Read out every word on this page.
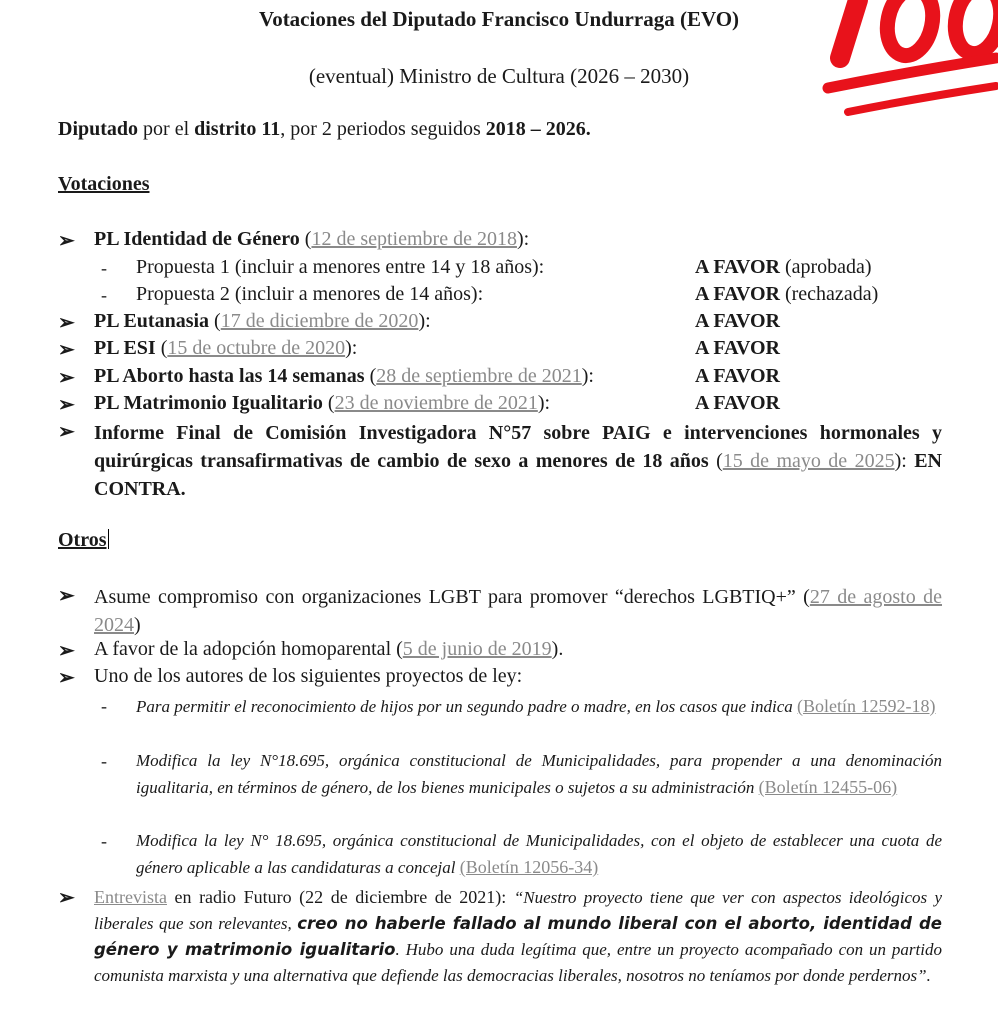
Votaciones del Diputado Francisco Undurraga (EVO)
(eventual) Ministro de Cultura (2026 – 2030)
Diputado por el distrito 11, por 2 periodos seguidos 2018 – 2026.
Votaciones
➢ PL Identidad de Género (12 de septiembre de 2018):
- Propuesta 1 (incluir a menores entre 14 y 18 años):	A FAVOR (aprobada)
- Propuesta 2 (incluir a menores de 14 años):	A FAVOR (rechazada)
➢ PL Eutanasia (17 de diciembre de 2020):	A FAVOR
➢ PL ESI (15 de octubre de 2020):	A FAVOR
➢ PL Aborto hasta las 14 semanas (28 de septiembre de 2021):	A FAVOR
➢ PL Matrimonio Igualitario (23 de noviembre de 2021):	A FAVOR
➢ Informe Final de Comisión Investigadora N°57 sobre PAIG e intervenciones hormonales y quirúrgicas transafirmativas de cambio de sexo a menores de 18 años (15 de mayo de 2025): EN CONTRA.
Otros
➢ Asume compromiso con organizaciones LGBT para promover “derechos LGBTIQ+” (27 de agosto de 2024)
➢ A favor de la adopción homoparental (5 de junio de 2019).
➢ Uno de los autores de los siguientes proyectos de ley:
- Para permitir el reconocimiento de hijos por un segundo padre o madre, en los casos que indica (Boletín 12592-18)
- Modifica la ley N°18.695, orgánica constitucional de Municipalidades, para propender a una denominación igualitaria, en términos de género, de los bienes municipales o sujetos a su administración (Boletín 12455-06)
- Modifica la ley N° 18.695, orgánica constitucional de Municipalidades, con el objeto de establecer una cuota de género aplicable a las candidaturas a concejal (Boletín 12056-34)
➢	Entrevista en radio Futuro (22 de diciembre de 2021): “Nuestro proyecto tiene que ver con aspectos ideológicos y liberales que son relevantes, creo no haberle fallado al mundo liberal con el aborto, identidad de género y matrimonio igualitario. Hubo una duda legítima que, entre un proyecto acompañado con un partido comunista marxista y una alternativa que defiende las democracias liberales, nosotros no teníamos por donde perdernos”.
